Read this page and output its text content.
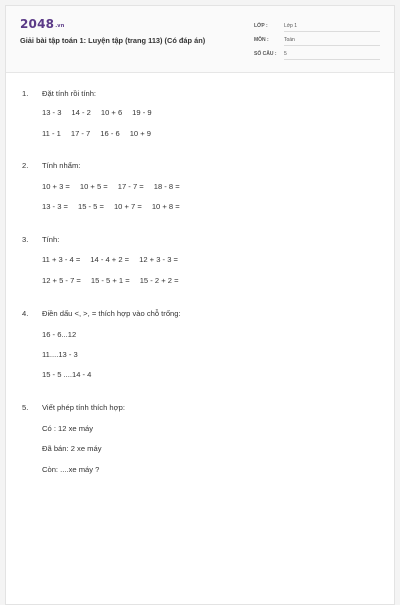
2048.vn
Giải bài tập toán 1: Luyện tập (trang 113) (Có đáp án)
LỚP :	Lớp 1
MÔN :	Toán
SỐ CÂU : 5
1. Đặt tính rồi tính:
13 - 3 14 - 2 10 + 6 19 - 9
11 - 1 17 - 7 16 - 6 10 + 9
2. Tính nhẩm:
10 + 3 = 10 + 5 = 17 - 7 = 18 - 8 =
13 - 3 = 15 - 5 = 10 + 7 = 10 + 8 =
3. Tính:
11 + 3 - 4 = 14 - 4 + 2 = 12 + 3 - 3 =
12 + 5 - 7 = 15 - 5 + 1 = 15 - 2 + 2 =
4. Điền dấu <, >, = thích hợp vào chỗ trống:
16 - 6...12
11....13 - 3
15 - 5 ....14 - 4
5. Viết phép tính thích hợp:
Có : 12 xe máy
Đã bán: 2 xe máy
Còn: ....xe máy ?
